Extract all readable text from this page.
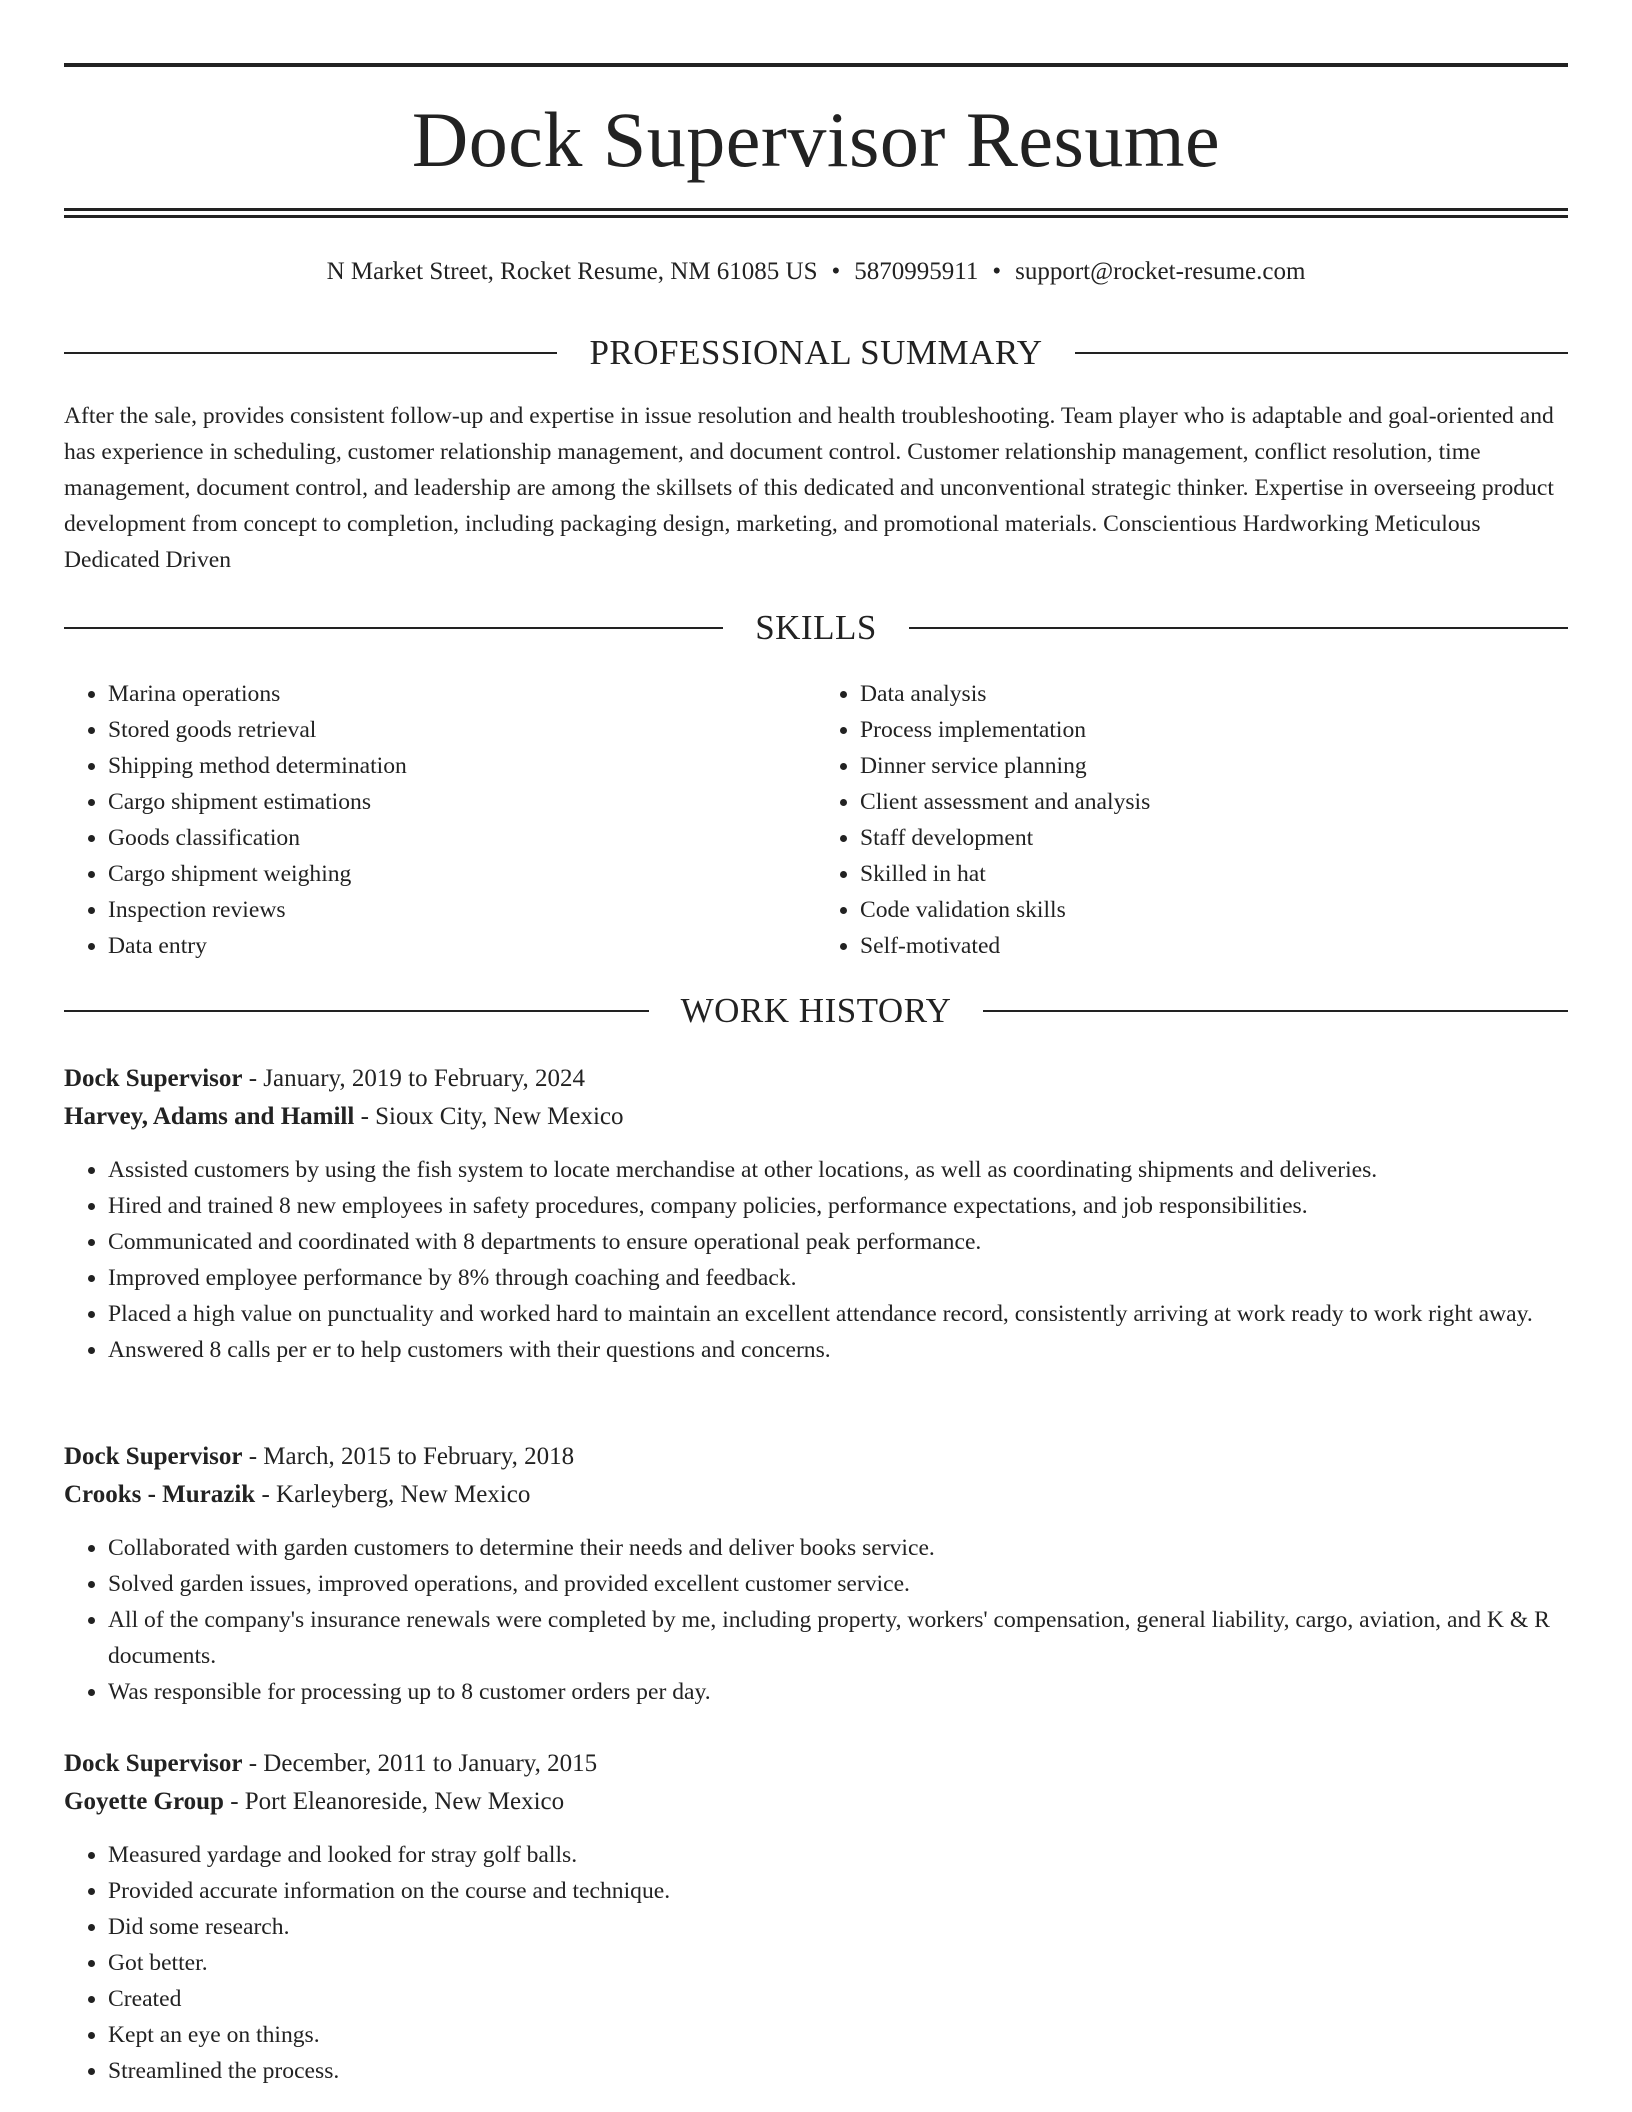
Dock Supervisor Resume
N Market Street, Rocket Resume, NM 61085 US • 5870995911 • support@rocket-resume.com
PROFESSIONAL SUMMARY

After the sale, provides consistent follow-up and expertise in issue resolution and health troubleshooting. Team player who is adaptable and goal-oriented and has experience in scheduling, customer relationship management, and document control. Customer relationship management, conflict resolution, time management, document control, and leadership are among the skillsets of this dedicated and unconventional strategic thinker. Expertise in overseeing product development from concept to completion, including packaging design, marketing, and promotional materials. Conscientious Hardworking Meticulous Dedicated Driven

SKILLS
• Marina operations
• Stored goods retrieval
• Shipping method determination
• Cargo shipment estimations
• Goods classification
• Cargo shipment weighing
• Inspection reviews
• Data entry
• Data analysis
• Process implementation
• Dinner service planning
• Client assessment and analysis
• Staff development
• Skilled in hat
• Code validation skills
• Self-motivated
WORK HISTORY
Dock Supervisor - January, 2019 to February, 2024
Harvey, Adams and Hamill - Sioux City, New Mexico
• Assisted customers by using the fish system to locate merchandise at other locations, as well as coordinating shipments and deliveries.
• Hired and trained 8 new employees in safety procedures, company policies, performance expectations, and job responsibilities.
• Communicated and coordinated with 8 departments to ensure operational peak performance.
• Improved employee performance by 8% through coaching and feedback.
• Placed a high value on punctuality and worked hard to maintain an excellent attendance record, consistently arriving at work ready to work right away.
• Answered 8 calls per er to help customers with their questions and concerns.
Dock Supervisor - March, 2015 to February, 2018
Crooks - Murazik - Karleyberg, New Mexico
• Collaborated with garden customers to determine their needs and deliver books service.
• Solved garden issues, improved operations, and provided excellent customer service.
• All of the company's insurance renewals were completed by me, including property, workers' compensation, general liability, cargo, aviation, and K & R documents.
• Was responsible for processing up to 8 customer orders per day.
Dock Supervisor - December, 2011 to January, 2015
Goyette Group - Port Eleanoreside, New Mexico
• Measured yardage and looked for stray golf balls.
• Provided accurate information on the course and technique.
• Did some research.
• Got better.
• Created
• Kept an eye on things.
• Streamlined the process.
